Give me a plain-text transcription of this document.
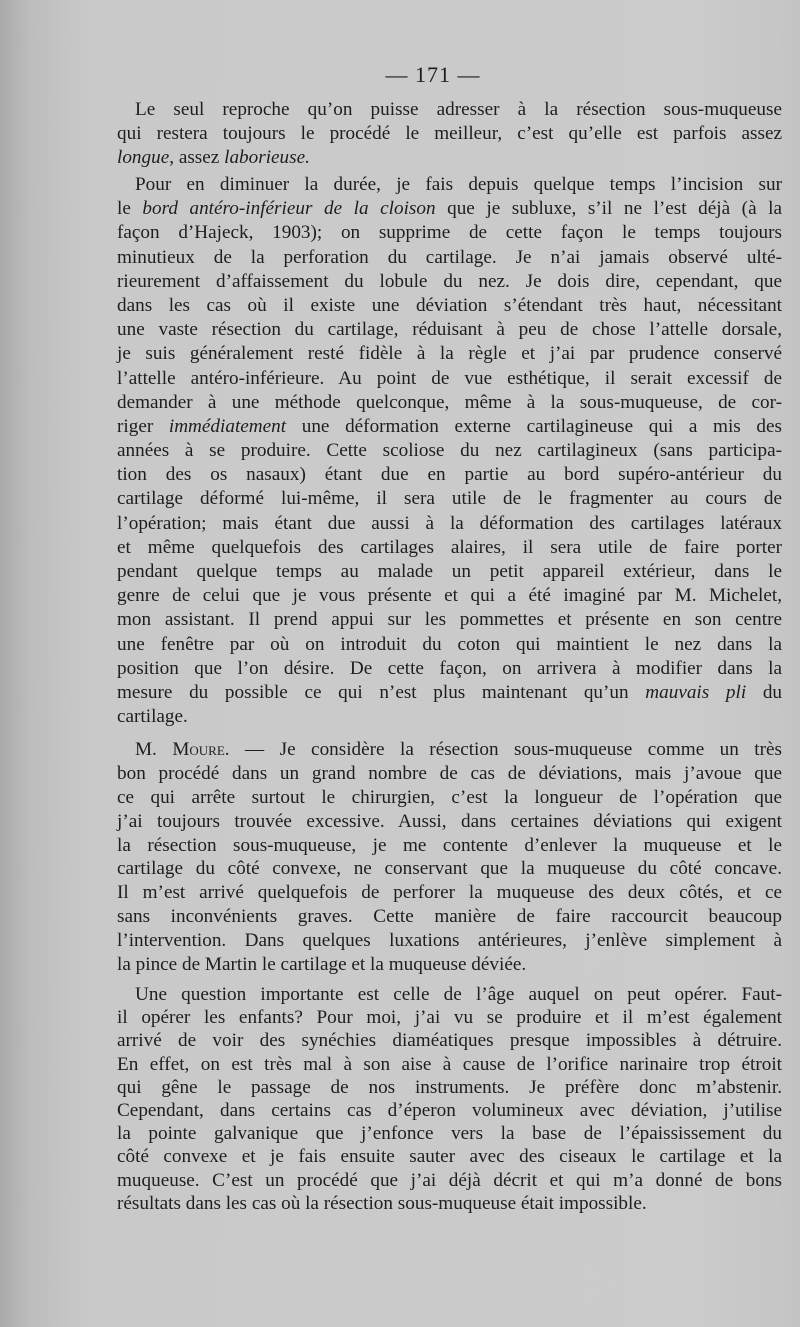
— 171 —
Le seul reproche qu’on puisse adresser à la résection sous-muqueuse
qui restera toujours le procédé le meilleur, c’est qu’elle est parfois assez
longue, assez laborieuse.
Pour en diminuer la durée, je fais depuis quelque temps l’incision sur
le bord antéro-inférieur de la cloison que je subluxe, s’il ne l’est déjà (à la
façon d’Hajeck, 1903); on supprime de cette façon le temps toujours
minutieux de la perforation du cartilage. Je n’ai jamais observé ulté-
rieurement d’affaissement du lobule du nez. Je dois dire, cependant, que
dans les cas où il existe une déviation s’étendant très haut, nécessitant
une vaste résection du cartilage, réduisant à peu de chose l’attelle dorsale,
je suis généralement resté fidèle à la règle et j’ai par prudence conservé
l’attelle antéro-inférieure. Au point de vue esthétique, il serait excessif de
demander à une méthode quelconque, même à la sous-muqueuse, de cor-
riger immédiatement une déformation externe cartilagineuse qui a mis des
années à se produire. Cette scoliose du nez cartilagineux (sans participa-
tion des os nasaux) étant due en partie au bord supéro-antérieur du
cartilage déformé lui-même, il sera utile de le fragmenter au cours de
l’opération; mais étant due aussi à la déformation des cartilages latéraux
et même quelquefois des cartilages alaires, il sera utile de faire porter
pendant quelque temps au malade un petit appareil extérieur, dans le
genre de celui que je vous présente et qui a été imaginé par M. Michelet,
mon assistant. Il prend appui sur les pommettes et présente en son centre
une fenêtre par où on introduit du coton qui maintient le nez dans la
position que l’on désire. De cette façon, on arrivera à modifier dans la
mesure du possible ce qui n’est plus maintenant qu’un mauvais pli du
cartilage.
M. Moure. — Je considère la résection sous-muqueuse comme un très
bon procédé dans un grand nombre de cas de déviations, mais j’avoue que
ce qui arrête surtout le chirurgien, c’est la longueur de l’opération que
j’ai toujours trouvée excessive. Aussi, dans certaines déviations qui exigent
la résection sous-muqueuse, je me contente d’enlever la muqueuse et le
cartilage du côté convexe, ne conservant que la muqueuse du côté concave.
Il m’est arrivé quelquefois de perforer la muqueuse des deux côtés, et ce
sans inconvénients graves. Cette manière de faire raccourcit beaucoup
l’intervention. Dans quelques luxations antérieures, j’enlève simplement à
la pince de Martin le cartilage et la muqueuse déviée.
Une question importante est celle de l’âge auquel on peut opérer. Faut-
il opérer les enfants? Pour moi, j’ai vu se produire et il m’est également
arrivé de voir des synéchies diaméatiques presque impossibles à détruire.
En effet, on est très mal à son aise à cause de l’orifice narinaire trop étroit
qui gêne le passage de nos instruments. Je préfère donc m’abstenir.
Cependant, dans certains cas d’éperon volumineux avec déviation, j’utilise
la pointe galvanique que j’enfonce vers la base de l’épaississement du
côté convexe et je fais ensuite sauter avec des ciseaux le cartilage et la
muqueuse. C’est un procédé que j’ai déjà décrit et qui m’a donné de bons
résultats dans les cas où la résection sous-muqueuse était impossible.
